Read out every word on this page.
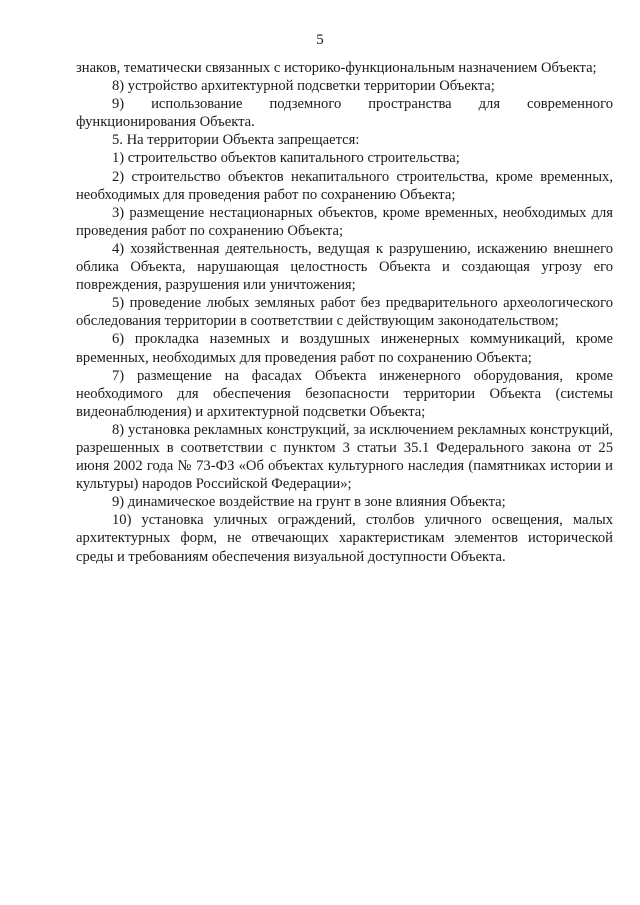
5

знаков, тематически связанных с историко-функциональным назначением Объекта;

8) устройство архитектурной подсветки территории Объекта;

9) использование подземного пространства для современного функционирования Объекта.

5. На территории Объекта запрещается:

1) строительство объектов капитального строительства;

2) строительство объектов некапитального строительства, кроме временных, необходимых для проведения работ по сохранению Объекта;

3) размещение нестационарных объектов, кроме временных, необходимых для проведения работ по сохранению Объекта;

4) хозяйственная деятельность, ведущая к разрушению, искажению внешнего облика Объекта, нарушающая целостность Объекта и создающая угрозу его повреждения, разрушения или уничтожения;

5) проведение любых земляных работ без предварительного археологического обследования территории в соответствии с действующим законодательством;

6) прокладка наземных и воздушных инженерных коммуникаций, кроме временных, необходимых для проведения работ по сохранению Объекта;

7) размещение на фасадах Объекта инженерного оборудования, кроме необходимого для обеспечения безопасности территории Объекта (системы видеонаблюдения) и архитектурной подсветки Объекта;

8) установка рекламных конструкций, за исключением рекламных конструкций, разрешенных в соответствии с пунктом 3 статьи 35.1 Федерального закона от 25 июня 2002 года № 73-ФЗ «Об объектах культурного наследия (памятниках истории и культуры) народов Российской Федерации»;

9) динамическое воздействие на грунт в зоне влияния Объекта;

10) установка уличных ограждений, столбов уличного освещения, малых архитектурных форм, не отвечающих характеристикам элементов исторической среды и требованиям обеспечения визуальной доступности Объекта.
